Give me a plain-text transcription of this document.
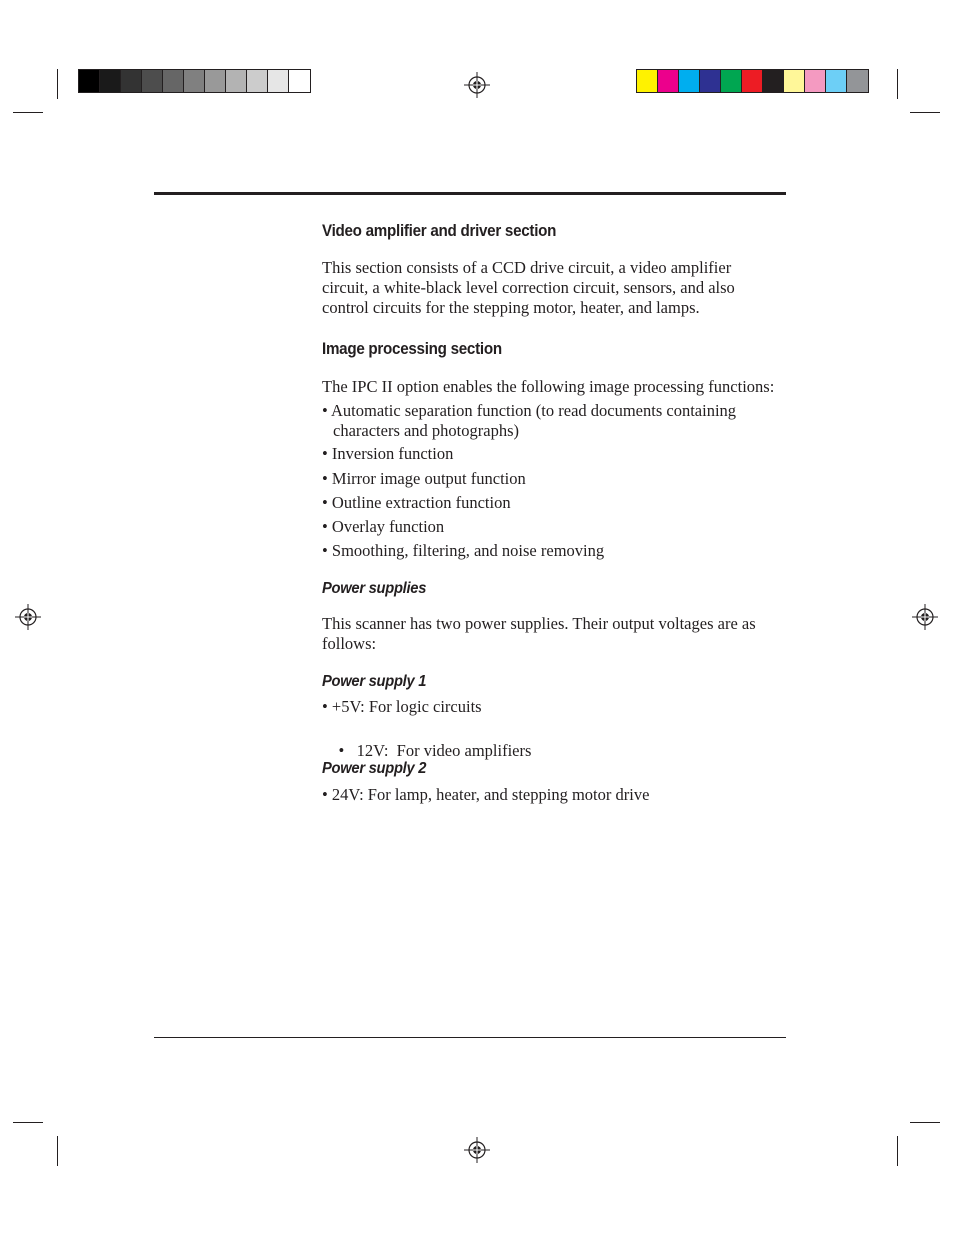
Video amplifier and driver section
This section consists of a CCD drive circuit, a video amplifier
circuit, a white-black level correction circuit, sensors, and also
control circuits for the stepping motor, heater, and lamps.
Image processing section
The IPC II option enables the following image processing functions:
• Automatic separation function (to read documents containing
characters and photographs)
• Inversion function
• Mirror image output function
• Outline extraction function
• Overlay function
• Smoothing, filtering, and noise removing
Power supplies
This scanner has two power supplies. Their output voltages are as
follows:
Power supply 1
• +5V: For logic circuits

•   12V:  For video amplifiers

Power supply 2
• 24V: For lamp, heater, and stepping motor drive
